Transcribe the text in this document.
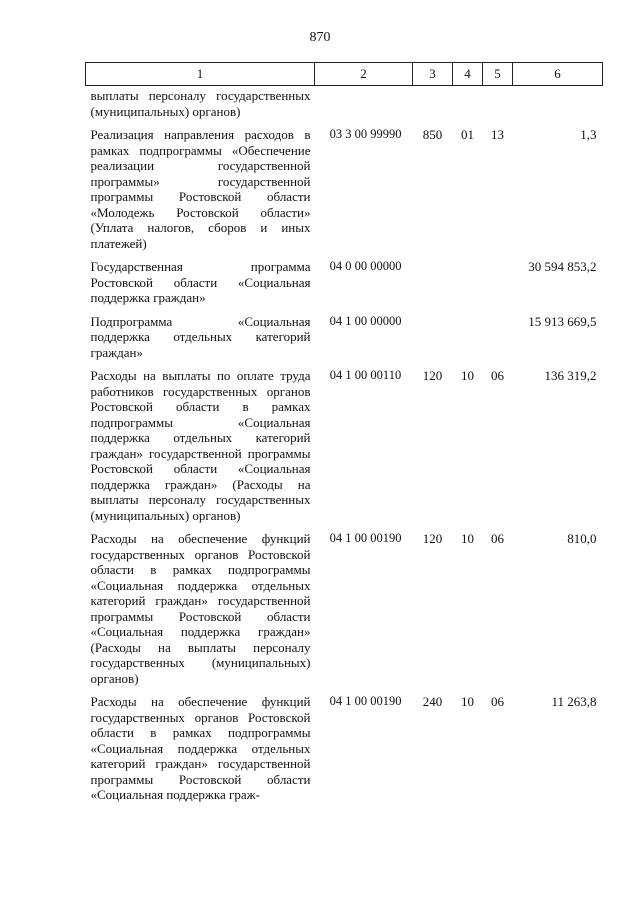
870
1	2	3	4	5	6
выплаты персоналу государственных (муниципальных) органов)					
Реализация направления расходов в рамках подпрограммы «Обеспечение реализации государственной программы» государственной программы Ростовской области «Молодежь Ростовской области» (Уплата налогов, сборов и иных платежей)	03 3 00 99990	850	01	13	1,3
Государственная программа Ростовской области «Социальная поддержка граждан»	04 0 00 00000				30 594 853,2
Подпрограмма «Социальная поддержка отдельных категорий граждан»	04 1 00 00000				15 913 669,5
Расходы на выплаты по оплате труда работников государственных органов Ростовской области в рамках подпрограммы «Социальная поддержка отдельных категорий граждан» государственной программы Ростовской области «Социальная поддержка граждан» (Расходы на выплаты персоналу государственных (муниципальных) органов)	04 1 00 00110	120	10	06	136 319,2
Расходы на обеспечение функций государственных органов Ростовской области в рамках подпрограммы «Социальная поддержка отдельных категорий граждан» государственной программы Ростовской области «Социальная поддержка граждан» (Расходы на выплаты персоналу государственных (муниципальных) органов)	04 1 00 00190	120	10	06	810,0
Расходы на обеспечение функций государственных органов Ростовской области в рамках подпрограммы «Социальная поддержка отдельных категорий граждан» государственной программы Ростовской области «Социальная поддержка граж-	04 1 00 00190	240	10	06	11 263,8
